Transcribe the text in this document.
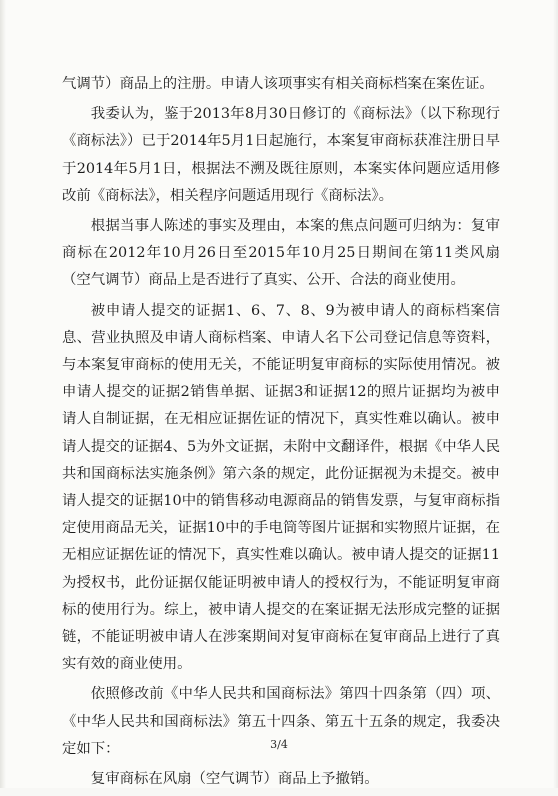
气调节）商品上的注册。申请人该项事实有相关商标档案在案佐证。

我委认为，鉴于2013年8月30日修订的《商标法》（以下称现行《商标法》）已于2014年5月1日起施行，本案复审商标获准注册日早于2014年5月1日，根据法不溯及既往原则，本案实体问题应适用修改前《商标法》，相关程序问题适用现行《商标法》。

根据当事人陈述的事实及理由，本案的焦点问题可归纳为：复审商标在2012年10月26日至2015年10月25日期间在第11类风扇（空气调节）商品上是否进行了真实、公开、合法的商业使用。

被申请人提交的证据1、6、7、8、9为被申请人的商标档案信息、营业执照及申请人商标档案、申请人名下公司登记信息等资料，与本案复审商标的使用无关，不能证明复审商标的实际使用情况。被申请人提交的证据2销售单据、证据3和证据12的照片证据均为被申请人自制证据，在无相应证据佐证的情况下，真实性难以确认。被申请人提交的证据4、5为外文证据，未附中文翻译件，根据《中华人民共和国商标法实施条例》第六条的规定，此份证据视为未提交。被申请人提交的证据10中的销售移动电源商品的销售发票，与复审商标指定使用商品无关，证据10中的手电筒等图片证据和实物照片证据，在无相应证据佐证的情况下，真实性难以确认。被申请人提交的证据11为授权书，此份证据仅能证明被申请人的授权行为，不能证明复审商标的使用行为。综上，被申请人提交的在案证据无法形成完整的证据链，不能证明被申请人在涉案期间对复审商标在复审商品上进行了真实有效的商业使用。

依照修改前《中华人民共和国商标法》第四十四条第（四）项、《中华人民共和国商标法》第五十四条、第五十五条的规定，我委决定如下：

复审商标在风扇（空气调节）商品上予撤销。

3/4
